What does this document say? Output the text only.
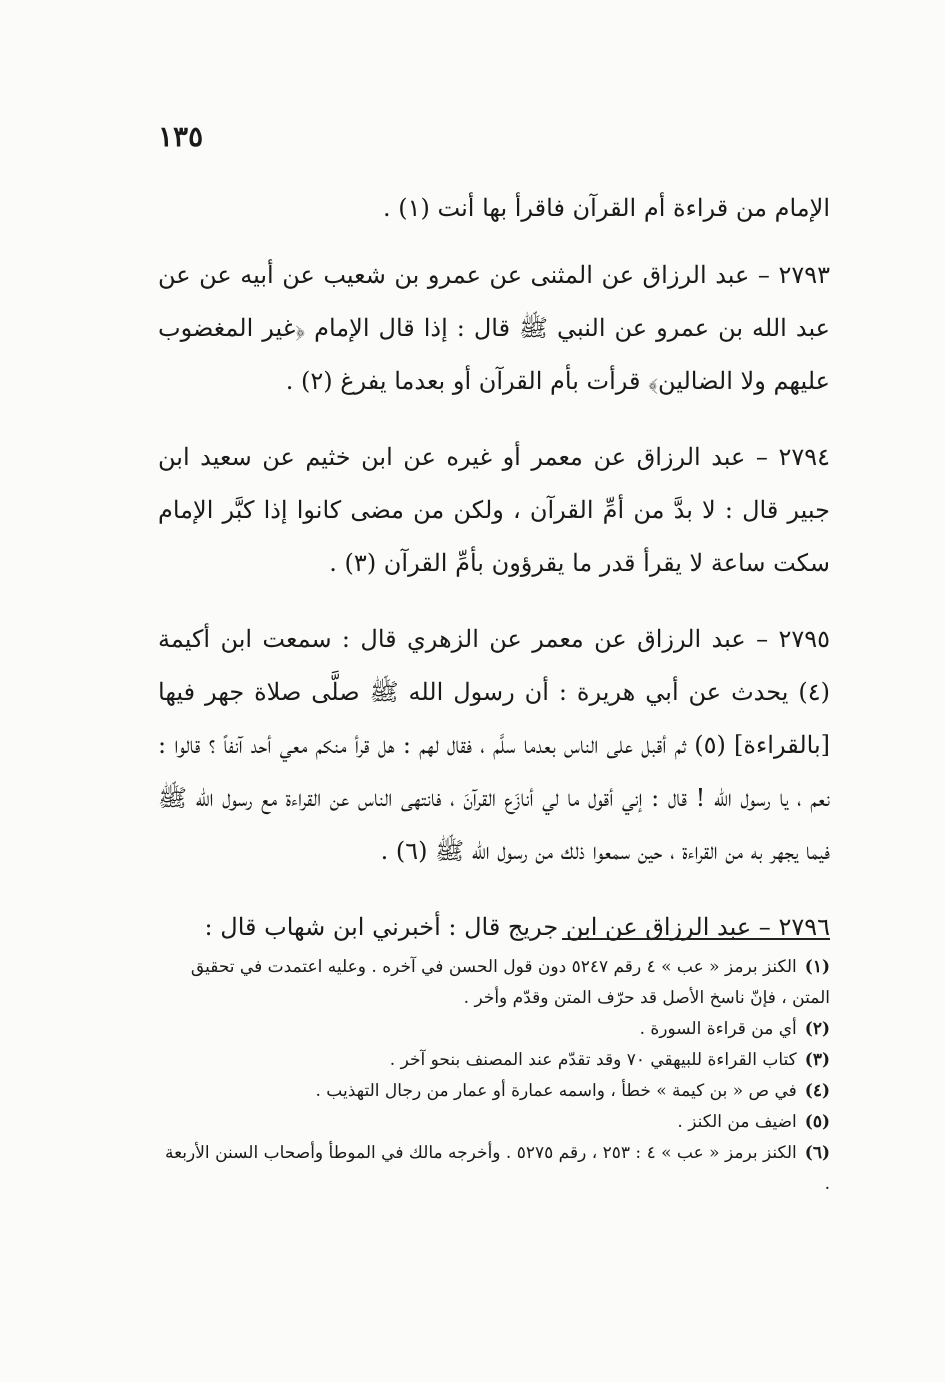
١٣٥

الإمام من قراءة أم القرآن فاقرأ بها أنت (١) .

٢٧٩٣ – عبد الرزاق عن المثنى عن عمرو بن شعيب عن أبيه عن عن عبد الله بن عمرو عن النبي ﷺ قال : إذا قال الإمام ﴿غير المغضوب عليهم ولا الضالين﴾ قرأت بأم القرآن أو بعدما يفرغ (٢) .

٢٧٩٤ – عبد الرزاق عن معمر أو غيره عن ابن خثيم عن سعيد ابن جبير قال : لا بدَّ من أمِّ القرآن ، ولكن من مضى كانوا إذا كبَّر الإمام سكت ساعة لا يقرأ قدر ما يقرؤون بأمِّ القرآن (٣) .

٢٧٩٥ – عبد الرزاق عن معمر عن الزهري قال : سمعت ابن أكيمة (٤) يحدث عن أبي هريرة : أن رسول الله ﷺ صلَّى صلاة جهر فيها [بالقراءة] (٥) ثم أقبل على الناس بعدما سلَّم ، فقال لهم : هل قرأ منكم معي أحد آنفاً ؟ قالوا : نعم ، يا رسول الله ! قال : إني أقول ما لي أنازَع القرآنَ ، فانتهى الناس عن القراءة مع رسول الله ﷺ فيما يجهر به من القراءة ، حين سمعوا ذلك من رسول الله ﷺ (٦) .

٢٧٩٦ – عبد الرزاق عن ابن جريج قال : أخبرني ابن شهاب قال :

(١)الكنز برمز « عب » ٤ رقم ٥٢٤٧ دون قول الحسن في آخره . وعليه اعتمدت في تحقيق المتن ، فإنّ ناسخ الأصل قد حرّف المتن وقدّم وأخر .

(٢)أي من قراءة السورة .

(٣)كتاب القراءة للبيهقي ٧٠ وقد تقدّم عند المصنف بنحو آخر .

(٤)في ص « بن كيمة » خطأ ، واسمه عمارة أو عمار من رجال التهذيب .

(٥)اضيف من الكنز .

(٦)الكنز برمز « عب » ٤ : ٢٥٣ ، رقم ٥٢٧٥ . وأخرجه مالك في الموطأ وأصحاب السنن الأربعة .
